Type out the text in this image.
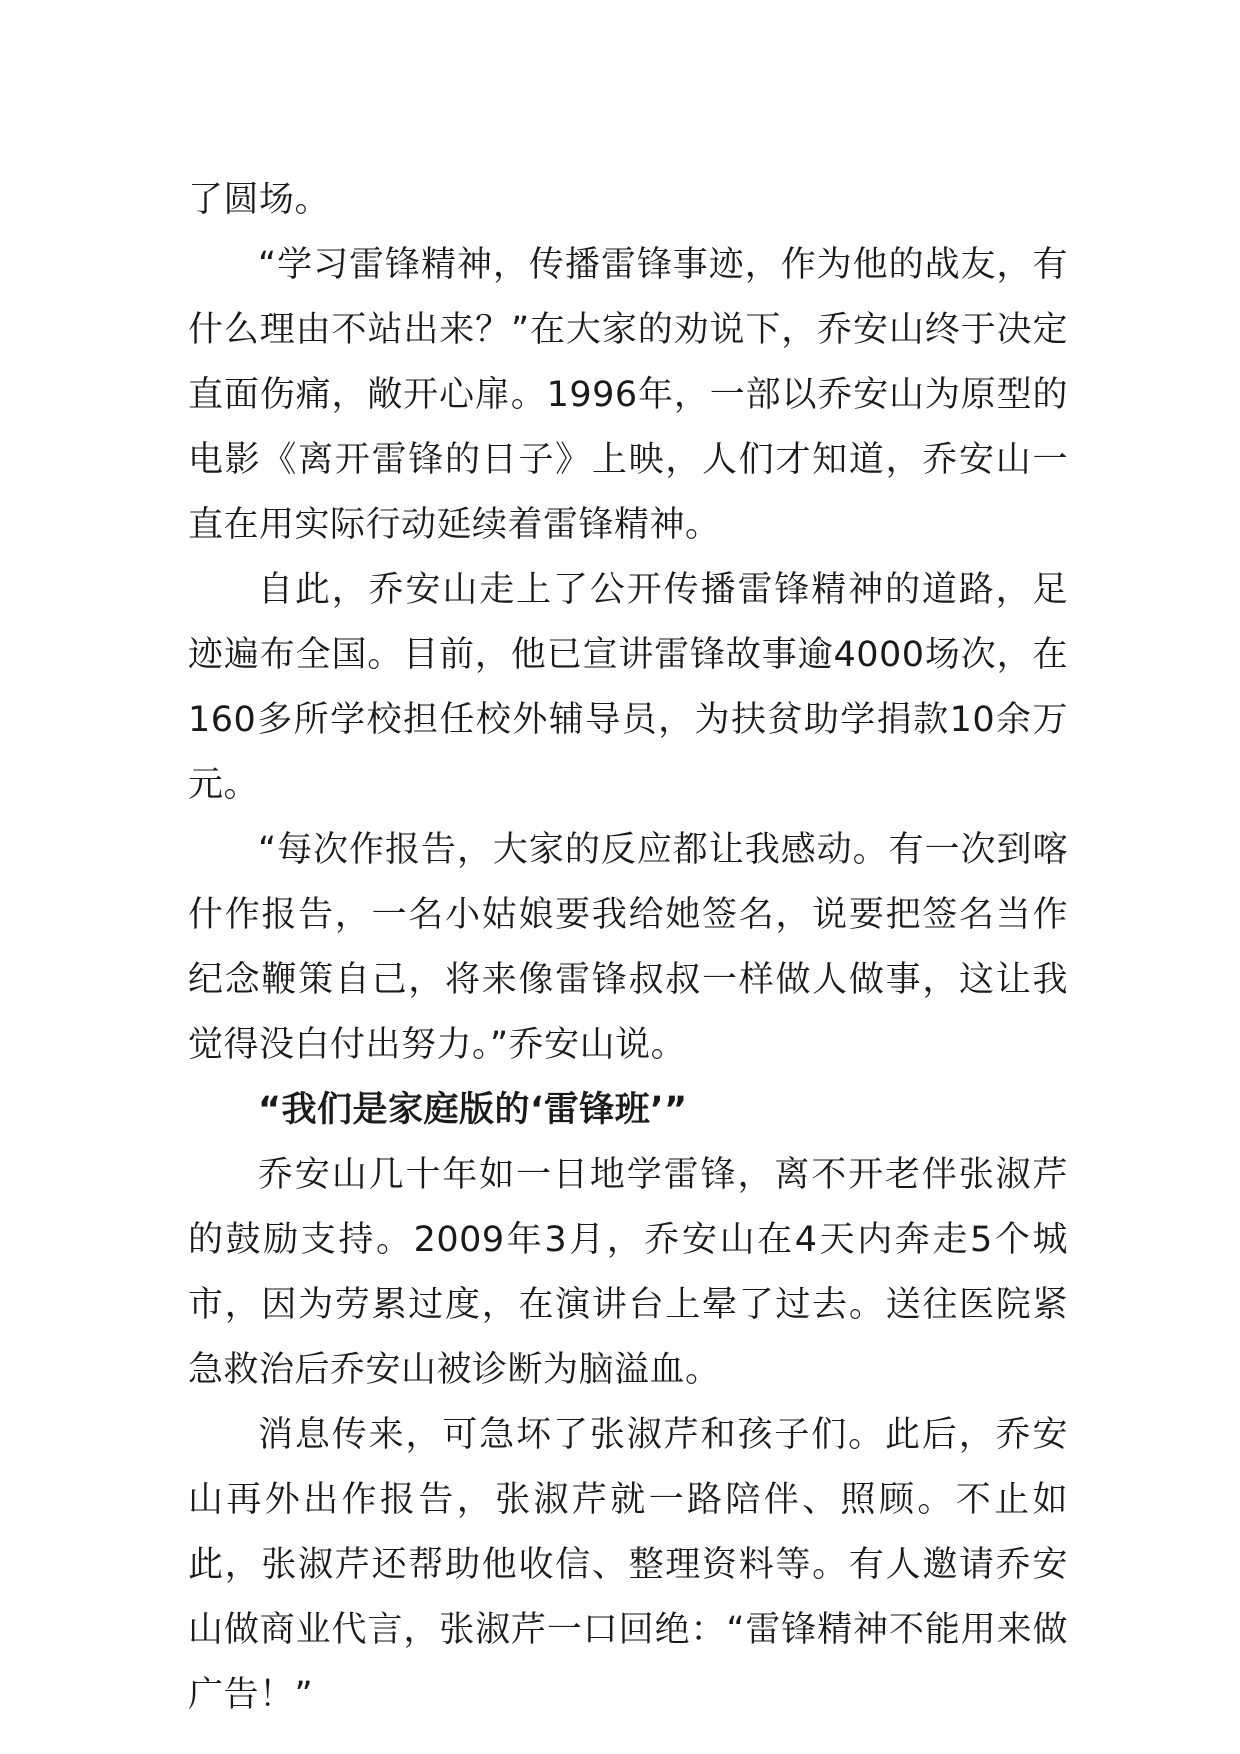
了圆场。

“学习雷锋精神，传播雷锋事迹，作为他的战友，有什么理由不站出来？”在大家的劝说下，乔安山终于决定直面伤痛，敞开心扉。1996年，一部以乔安山为原型的电影《离开雷锋的日子》上映，人们才知道，乔安山一直在用实际行动延续着雷锋精神。

自此，乔安山走上了公开传播雷锋精神的道路，足迹遍布全国。目前，他已宣讲雷锋故事逾4000场次，在160多所学校担任校外辅导员，为扶贫助学捐款10余万元。

“每次作报告，大家的反应都让我感动。有一次到喀什作报告，一名小姑娘要我给她签名，说要把签名当作纪念鞭策自己，将来像雷锋叔叔一样做人做事，这让我觉得没白付出努力。”乔安山说。

“我们是家庭版的‘雷锋班’”

乔安山几十年如一日地学雷锋，离不开老伴张淑芹的鼓励支持。2009年3月，乔安山在4天内奔走5个城市，因为劳累过度，在演讲台上晕了过去。送往医院紧急救治后乔安山被诊断为脑溢血。

消息传来，可急坏了张淑芹和孩子们。此后，乔安山再外出作报告，张淑芹就一路陪伴、照顾。不止如此，张淑芹还帮助他收信、整理资料等。有人邀请乔安山做商业代言，张淑芹一口回绝：“雷锋精神不能用来做广告！”
